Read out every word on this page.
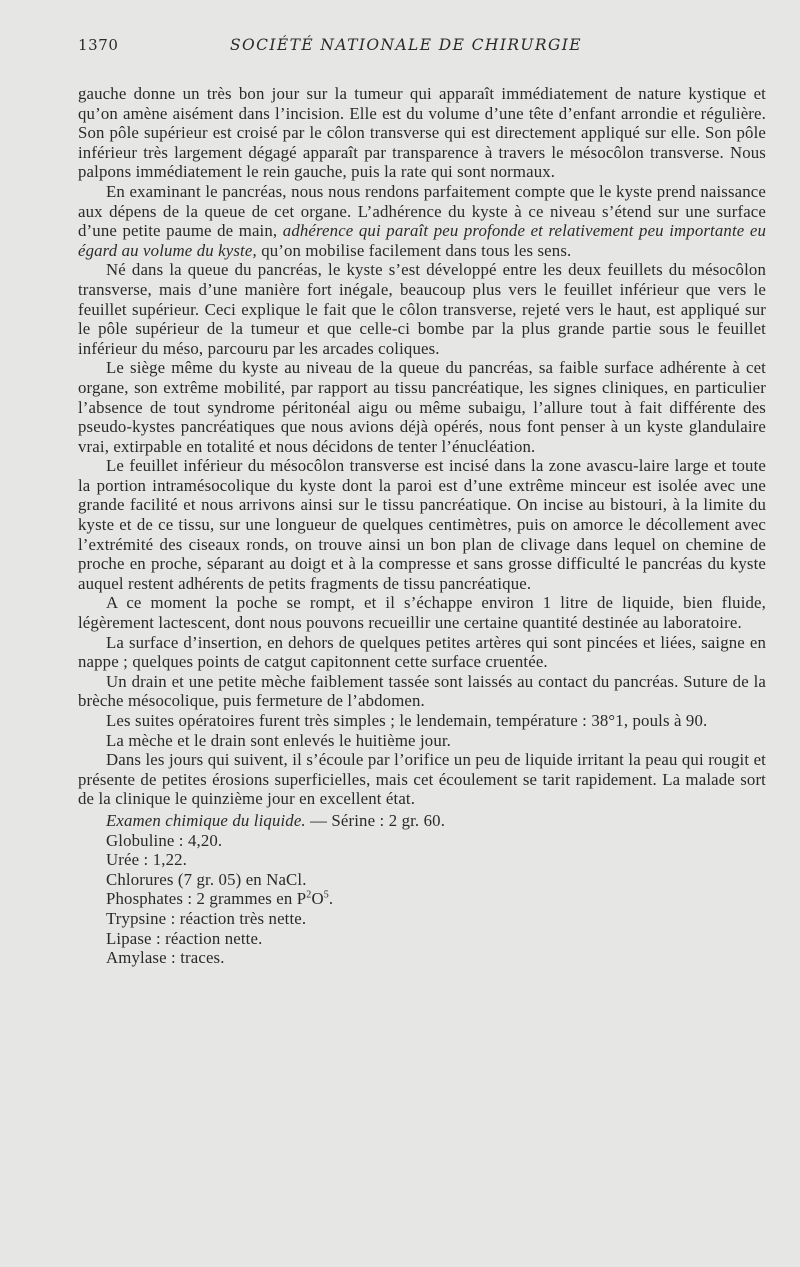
1370	SOCIÉTÉ NATIONALE DE CHIRURGIE

gauche donne un très bon jour sur la tumeur qui apparaît immédiatement de nature kystique et qu’on amène aisément dans l’incision. Elle est du volume d’une tête d’enfant arrondie et régulière. Son pôle supérieur est croisé par le côlon transverse qui est directement appliqué sur elle. Son pôle inférieur très largement dégagé apparaît par transparence à travers le mésocôlon transverse. Nous palpons immédiatement le rein gauche, puis la rate qui sont normaux.

En examinant le pancréas, nous nous rendons parfaitement compte que le kyste prend naissance aux dépens de la queue de cet organe. L’adhérence du kyste à ce niveau s’étend sur une surface d’une petite paume de main, adhérence qui paraît peu profonde et relativement peu importante eu égard au volume du kyste, qu’on mobilise facilement dans tous les sens.

Né dans la queue du pancréas, le kyste s’est développé entre les deux feuillets du mésocôlon transverse, mais d’une manière fort inégale, beaucoup plus vers le feuillet inférieur que vers le feuillet supérieur. Ceci explique le fait que le côlon transverse, rejeté vers le haut, est appliqué sur le pôle supérieur de la tumeur et que celle-ci bombe par la plus grande partie sous le feuillet inférieur du méso, parcouru par les arcades coliques.

Le siège même du kyste au niveau de la queue du pancréas, sa faible surface adhérente à cet organe, son extrême mobilité, par rapport au tissu pancréatique, les signes cliniques, en particulier l’absence de tout syndrome péritonéal aigu ou même subaigu, l’allure tout à fait différente des pseudo-kystes pancréatiques que nous avions déjà opérés, nous font penser à un kyste glandulaire vrai, extirpable en totalité et nous décidons de tenter l’énucléation.

Le feuillet inférieur du mésocôlon transverse est incisé dans la zone avascu-laire large et toute la portion intramésocolique du kyste dont la paroi est d’une extrême minceur est isolée avec une grande facilité et nous arrivons ainsi sur le tissu pancréatique. On incise au bistouri, à la limite du kyste et de ce tissu, sur une longueur de quelques centimètres, puis on amorce le décollement avec l’extrémité des ciseaux ronds, on trouve ainsi un bon plan de clivage dans lequel on chemine de proche en proche, séparant au doigt et à la compresse et sans grosse difficulté le pancréas du kyste auquel restent adhérents de petits fragments de tissu pancréatique.

A ce moment la poche se rompt, et il s’échappe environ 1 litre de liquide, bien fluide, légèrement lactescent, dont nous pouvons recueillir une certaine quantité destinée au laboratoire.

La surface d’insertion, en dehors de quelques petites artères qui sont pincées et liées, saigne en nappe ; quelques points de catgut capitonnent cette surface cruentée.

Un drain et une petite mèche faiblement tassée sont laissés au contact du pancréas. Suture de la brèche mésocolique, puis fermeture de l’abdomen.

Les suites opératoires furent très simples ; le lendemain, température : 38°1, pouls à 90.

La mèche et le drain sont enlevés le huitième jour.

Dans les jours qui suivent, il s’écoule par l’orifice un peu de liquide irritant la peau qui rougit et présente de petites érosions superficielles, mais cet écoulement se tarit rapidement. La malade sort de la clinique le quinzième jour en excellent état.

Examen chimique du liquide. — Sérine : 2 gr. 60.
Globuline : 4,20.
Urée : 1,22.
Chlorures (7 gr. 05) en NaCl.
Phosphates : 2 grammes en $P^2O^5$.
Trypsine : réaction très nette.
Lipase : réaction nette.
Amylase : traces.
